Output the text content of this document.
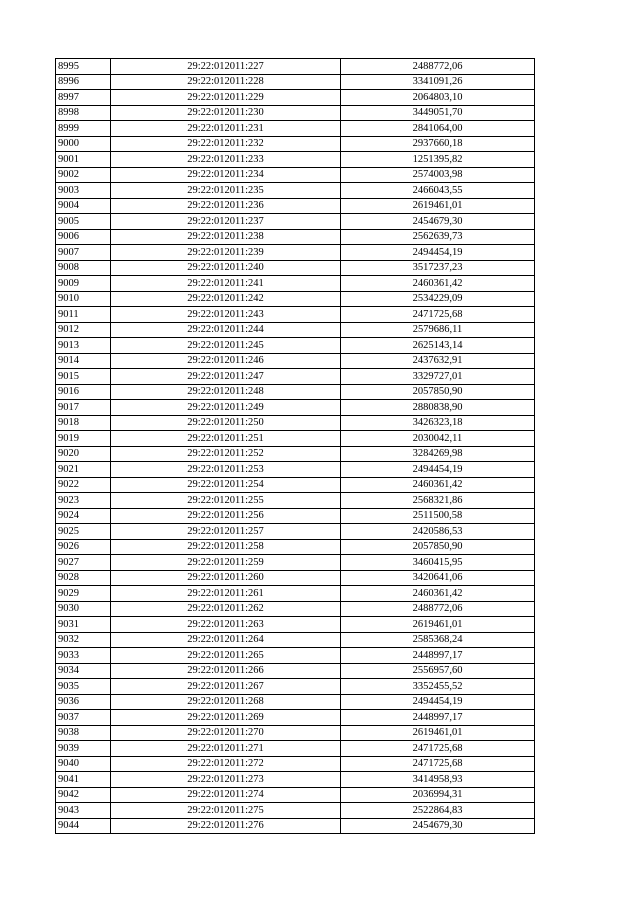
8995	29:22:012011:227	2488772,06
8996	29:22:012011:228	3341091,26
8997	29:22:012011:229	2064803,10
8998	29:22:012011:230	3449051,70
8999	29:22:012011:231	2841064,00
9000	29:22:012011:232	2937660,18
9001	29:22:012011:233	1251395,82
9002	29:22:012011:234	2574003,98
9003	29:22:012011:235	2466043,55
9004	29:22:012011:236	2619461,01
9005	29:22:012011:237	2454679,30
9006	29:22:012011:238	2562639,73
9007	29:22:012011:239	2494454,19
9008	29:22:012011:240	3517237,23
9009	29:22:012011:241	2460361,42
9010	29:22:012011:242	2534229,09
9011	29:22:012011:243	2471725,68
9012	29:22:012011:244	2579686,11
9013	29:22:012011:245	2625143,14
9014	29:22:012011:246	2437632,91
9015	29:22:012011:247	3329727,01
9016	29:22:012011:248	2057850,90
9017	29:22:012011:249	2880838,90
9018	29:22:012011:250	3426323,18
9019	29:22:012011:251	2030042,11
9020	29:22:012011:252	3284269,98
9021	29:22:012011:253	2494454,19
9022	29:22:012011:254	2460361,42
9023	29:22:012011:255	2568321,86
9024	29:22:012011:256	2511500,58
9025	29:22:012011:257	2420586,53
9026	29:22:012011:258	2057850,90
9027	29:22:012011:259	3460415,95
9028	29:22:012011:260	3420641,06
9029	29:22:012011:261	2460361,42
9030	29:22:012011:262	2488772,06
9031	29:22:012011:263	2619461,01
9032	29:22:012011:264	2585368,24
9033	29:22:012011:265	2448997,17
9034	29:22:012011:266	2556957,60
9035	29:22:012011:267	3352455,52
9036	29:22:012011:268	2494454,19
9037	29:22:012011:269	2448997,17
9038	29:22:012011:270	2619461,01
9039	29:22:012011:271	2471725,68
9040	29:22:012011:272	2471725,68
9041	29:22:012011:273	3414958,93
9042	29:22:012011:274	2036994,31
9043	29:22:012011:275	2522864,83
9044	29:22:012011:276	2454679,30
